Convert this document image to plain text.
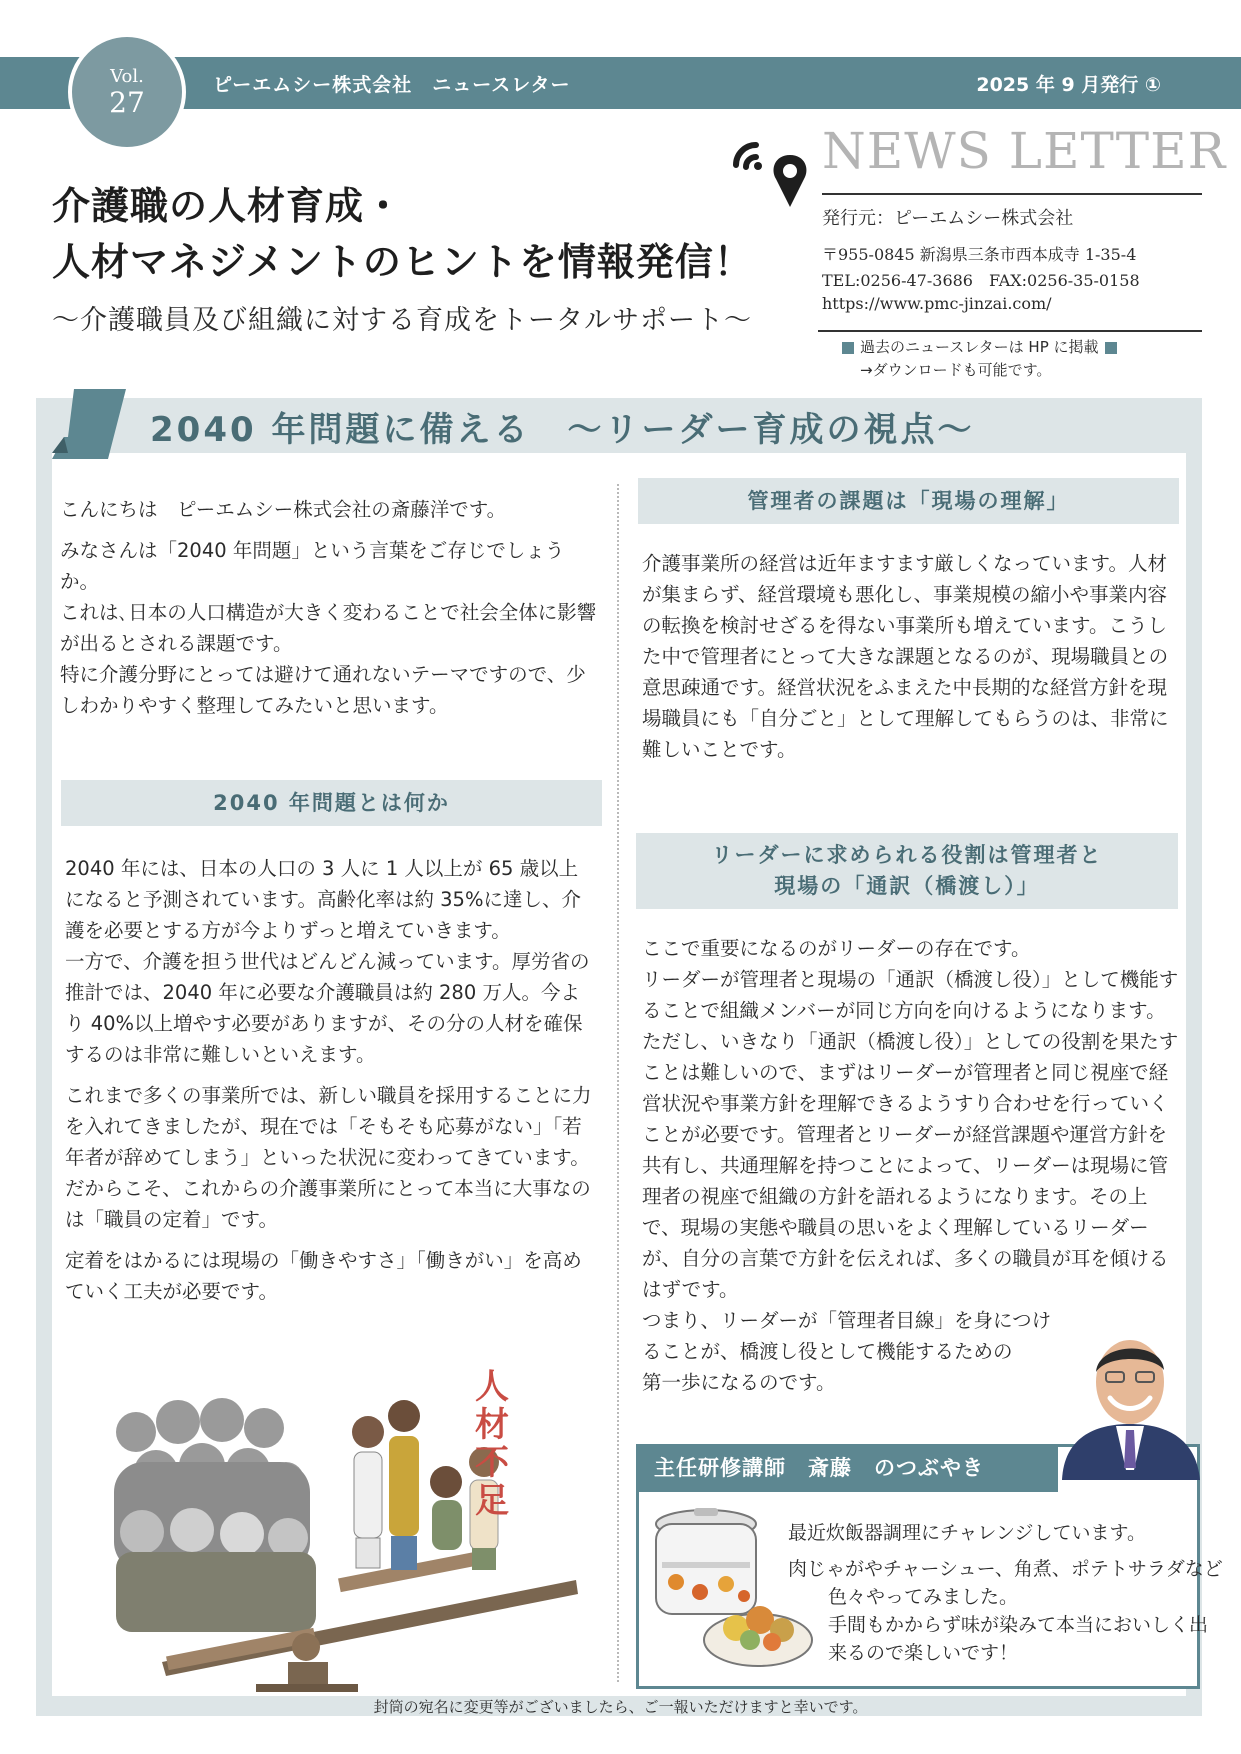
ピーエムシー株式会社　ニュースレター	2025 年 9 月発行 ①
Vol.
27
介護職の人材育成・
人材マネジメントのヒントを情報発信！
～介護職員及び組織に対する育成をトータルサポート～
NEWS LETTER
発行元：ピーエムシー株式会社
〒955-0845 新潟県三条市西本成寺 1-35-4
TEL:0256-47-3686　FAX:0256-35-0158
https://www.pmc-jinzai.com/
過去のニュースレターは HP に掲載
→ダウンロードも可能です。
2040 年問題に備える　～リーダー育成の視点～

こんにちは　ピーエムシー株式会社の斎藤洋です。

みなさんは「2040 年問題」という言葉をご存じでしょうか。
これは､日本の人口構造が大きく変わることで社会全体に影響が出るとされる課題です。
特に介護分野にとっては避けて通れないテーマですので、少しわかりやすく整理してみたいと思います。

2040 年問題とは何か

2040 年には、日本の人口の 3 人に 1 人以上が 65 歳以上になると予測されています。高齢化率は約 35%に達し、介護を必要とする方が今よりずっと増えていきます。
一方で、介護を担う世代はどんどん減っています。厚労省の推計では、2040 年に必要な介護職員は約 280 万人。今より 40%以上増やす必要がありますが、その分の人材を確保するのは非常に難しいといえます。

これまで多くの事業所では、新しい職員を採用することに力を入れてきましたが、現在では「そもそも応募がない」「若年者が辞めてしまう」といった状況に変わってきています。だからこそ、これからの介護事業所にとって本当に大事なのは「職員の定着」です。

定着をはかるには現場の「働きやすさ」「働きがい」を高めていく工夫が必要です。

人材不足
管理者の課題は「現場の理解」
介護事業所の経営は近年ますます厳しくなっています。人材が集まらず、経営環境も悪化し、事業規模の縮小や事業内容の転換を検討せざるを得ない事業所も増えています。こうした中で管理者にとって大きな課題となるのが、現場職員との意思疎通です。経営状況をふまえた中長期的な経営方針を現場職員にも「自分ごと」として理解してもらうのは、非常に難しいことです。
リーダーに求められる役割は管理者と
現場の「通訳（橋渡し）」
ここで重要になるのがリーダーの存在です。
リーダーが管理者と現場の「通訳（橋渡し役）」として機能することで組織メンバーが同じ方向を向けるようになります。ただし、いきなり「通訳（橋渡し役）」としての役割を果たすことは難しいので、まずはリーダーが管理者と同じ視座で経営状況や事業方針を理解できるようすり合わせを行っていくことが必要です。管理者とリーダーが経営課題や運営方針を共有し、共通理解を持つことによって、リーダーは現場に管理者の視座で組織の方針を語れるようになります。その上で、現場の実態や職員の思いをよく理解しているリーダーが、自分の言葉で方針を伝えれば、多くの職員が耳を傾けるはずです。
つまり、リーダーが「管理者目線」を身につけ
ることが、橋渡し役として機能するための
第一歩になるのです。
主任研修講師　斎藤　のつぶやき
最近炊飯器調理にチャレンジしています。
肉じゃがやチャーシュー、角煮、ポテトサラダなど色々やってみました。
手間もかからず味が染みて本当においしく出来るので楽しいです！
封筒の宛名に変更等がございましたら、ご一報いただけますと幸いです。
